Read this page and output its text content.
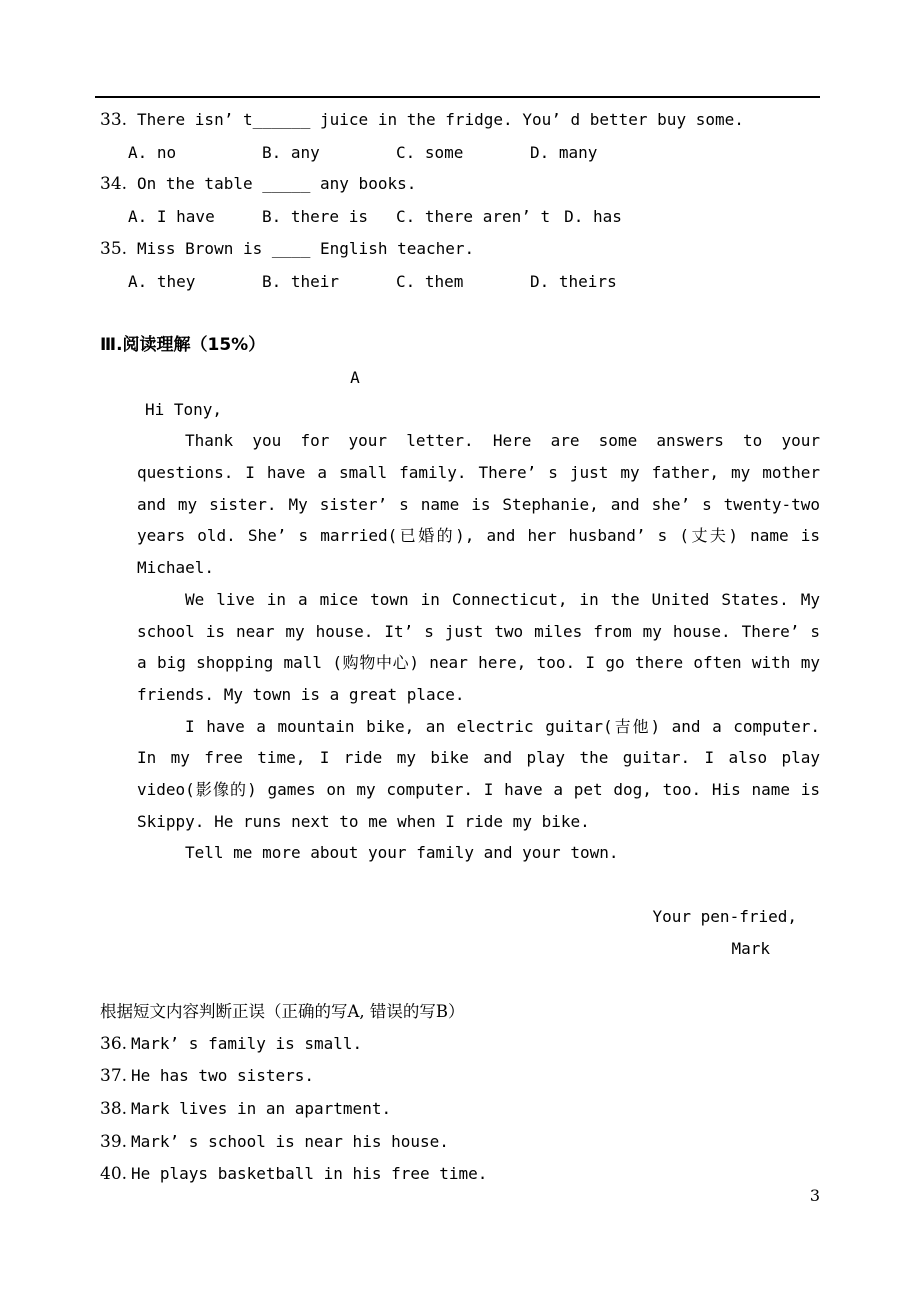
33. There isn’ t______ juice in the fridge. You’ d better buy some.
A. no	B. any	C. some	D. many
34. On the table _____ any books.
A. I have	B. there is C. there aren’ t D. has
35. Miss Brown is ____ English teacher.
A. they	B. their	C. them	D. theirs
Ⅲ.阅读理解（15%）
A
Hi Tony,

Thank you for your letter. Here are some answers to your questions. I have a small family. There’ s just my father, my mother and my sister. My sister’ s name is Stephanie, and she’ s twenty-two years old. She’ s married(已婚的), and her husband’ s (丈夫) name is Michael.

We live in a mice town in Connecticut, in the United States. My school is near my house. It’ s just two miles from my house. There’ s a big shopping mall (购物中心) near here, too. I go there often with my friends. My town is a great place.

I have a mountain bike, an electric guitar(吉他) and a computer. In my free time, I ride my bike and play the guitar. I also play video(影像的) games on my computer. I have a pet dog, too. His name is Skippy. He runs next to me when I ride my bike.

Tell me more about your family and your town.

Your pen-fried,
Mark
根据短文内容判断正误（正确的写A, 错误的写B）
36. Mark’ s family is small.
37. He has two sisters.
38. Mark lives in an apartment.
39. Mark’ s school is near his house.
40. He plays basketball in his free time.
3
